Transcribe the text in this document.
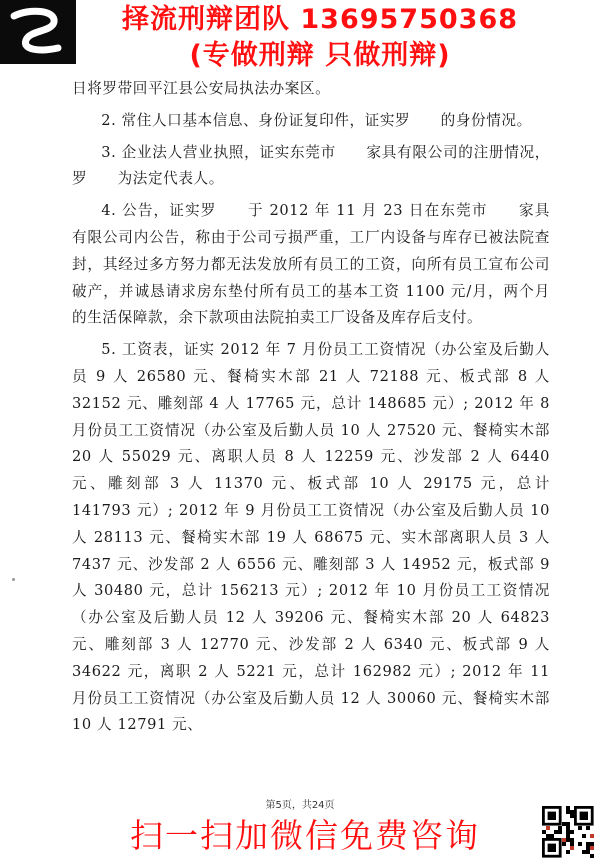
择流刑辩团队 13695750368
(专做刑辩 只做刑辩)

日将罗带回平江县公安局执法办案区。

2. 常住人口基本信息、身份证复印件，证实罗　　的身份情况。

3. 企业法人营业执照，证实东莞市　　家具有限公司的注册情况，罗　　为法定代表人。

4. 公告，证实罗　　于 2012 年 11 月 23 日在东莞市　　家具有限公司内公告，称由于公司亏损严重，工厂内设备与库存已被法院查封，其经过多方努力都无法发放所有员工的工资，向所有员工宣布公司破产，并诚恳请求房东垫付所有员工的基本工资 1100 元/月，两个月的生活保障款，余下款项由法院拍卖工厂设备及库存后支付。

5. 工资表，证实 2012 年 7 月份员工工资情况（办公室及后勤人员 9 人 26580 元、餐椅实木部 21 人 72188 元、板式部 8 人 32152 元、雕刻部 4 人 17765 元，总计 148685 元）; 2012 年 8 月份员工工资情况（办公室及后勤人员 10 人 27520 元、餐椅实木部 20 人 55029 元、离职人员 8 人 12259 元、沙发部 2 人 6440 元、雕刻部 3 人 11370 元、板式部 10 人 29175 元，总计 141793 元）; 2012 年 9 月份员工工资情况（办公室及后勤人员 10 人 28113 元、餐椅实木部 19 人 68675 元、实木部离职人员 3 人 7437 元、沙发部 2 人 6556 元、雕刻部 3 人 14952 元，板式部 9 人 30480 元，总计 156213 元）; 2012 年 10 月份员工工资情况（办公室及后勤人员 12 人 39206 元、餐椅实木部 20 人 64823 元、雕刻部 3 人 12770 元、沙发部 2 人 6340 元、板式部 9 人 34622 元，离职 2 人 5221 元，总计 162982 元）; 2012 年 11 月份员工工资情况（办公室及后勤人员 12 人 30060 元、餐椅实木部 10 人 12791 元、

第5页，共24页
扫一扫加微信免费咨询
